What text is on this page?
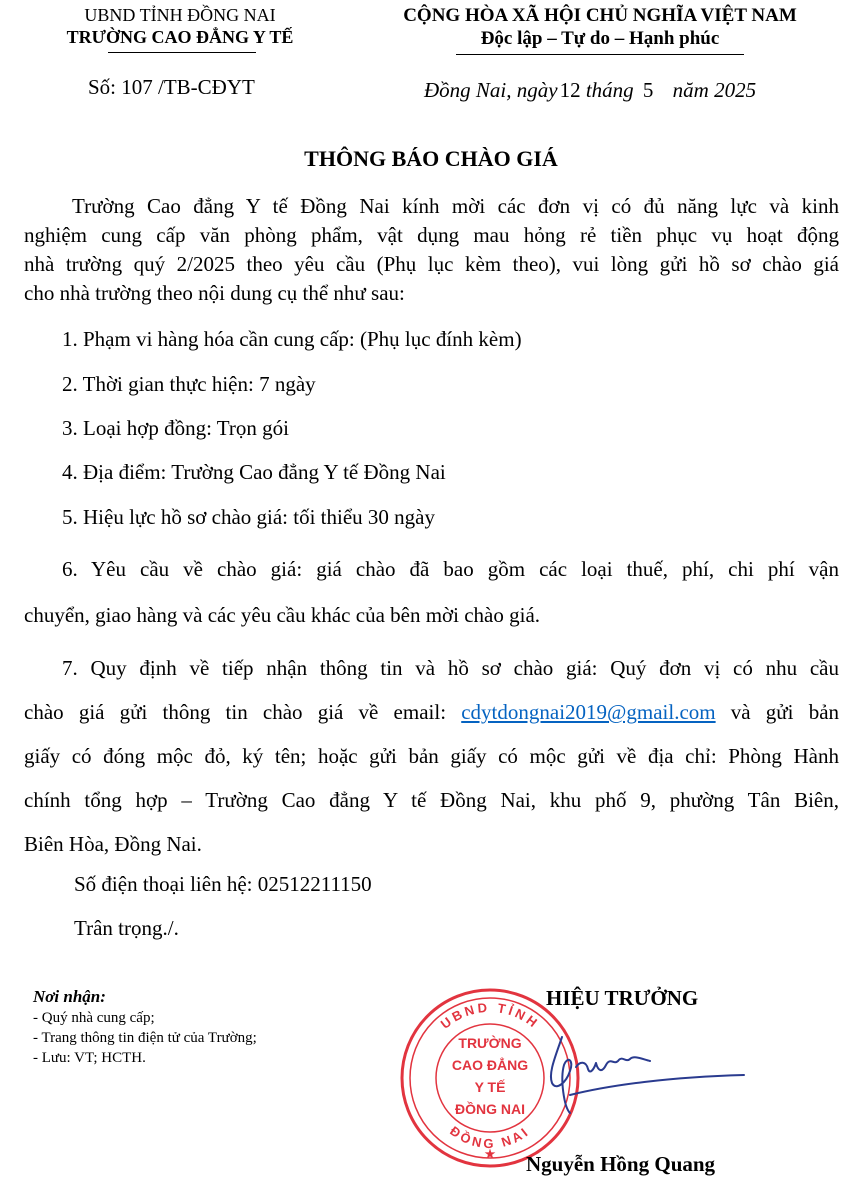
UBND TỈNH ĐỒNG NAI
TRƯỜNG CAO ĐẲNG Y TẾ
CỘNG HÒA XÃ HỘI CHỦ NGHĨA VIỆT NAM
Độc lập – Tự do – Hạnh phúc
Số: 107 /TB-CĐYT	Đồng Nai, ngày12 tháng 5 năm 2025
THÔNG BÁO CHÀO GIÁ
Trường Cao đẳng Y tế Đồng Nai kính mời các đơn vị có đủ năng lực và kinh
nghiệm cung cấp văn phòng phẩm, vật dụng mau hỏng rẻ tiền phục vụ hoạt động
nhà trường quý 2/2025 theo yêu cầu (Phụ lục kèm theo), vui lòng gửi hồ sơ chào giá
cho nhà trường theo nội dung cụ thể như sau:
1. Phạm vi hàng hóa cần cung cấp: (Phụ lục đính kèm)
2. Thời gian thực hiện: 7 ngày
3. Loại hợp đồng: Trọn gói
4. Địa điểm: Trường Cao đẳng Y tế Đồng Nai
5. Hiệu lực hồ sơ chào giá: tối thiểu 30 ngày
6. Yêu cầu về chào giá: giá chào đã bao gồm các loại thuế, phí, chi phí vận
chuyển, giao hàng và các yêu cầu khác của bên mời chào giá.
7. Quy định về tiếp nhận thông tin và hồ sơ chào giá: Quý đơn vị có nhu cầu
chào giá gửi thông tin chào giá về email: cdytdongnai2019@gmail.com và gửi bản
giấy có đóng mộc đỏ, ký tên; hoặc gửi bản giấy có mộc gửi về địa chỉ: Phòng Hành
chính tổng hợp – Trường Cao đẳng Y tế Đồng Nai, khu phố 9, phường Tân Biên,
Biên Hòa, Đồng Nai.
Số điện thoại liên hệ: 02512211150
Trân trọng./.
Nơi nhận:
- Quý nhà cung cấp;
- Trang thông tin điện tử của Trường;
- Lưu: VT; HCTH.
HIỆU TRƯỞNG
UBND TỈNH
ĐỒNG NAI
TRƯỜNG
CAO ĐẲNG
Y TẾ
ĐỒNG NAI
★ Nguyễn Hồng Quang
